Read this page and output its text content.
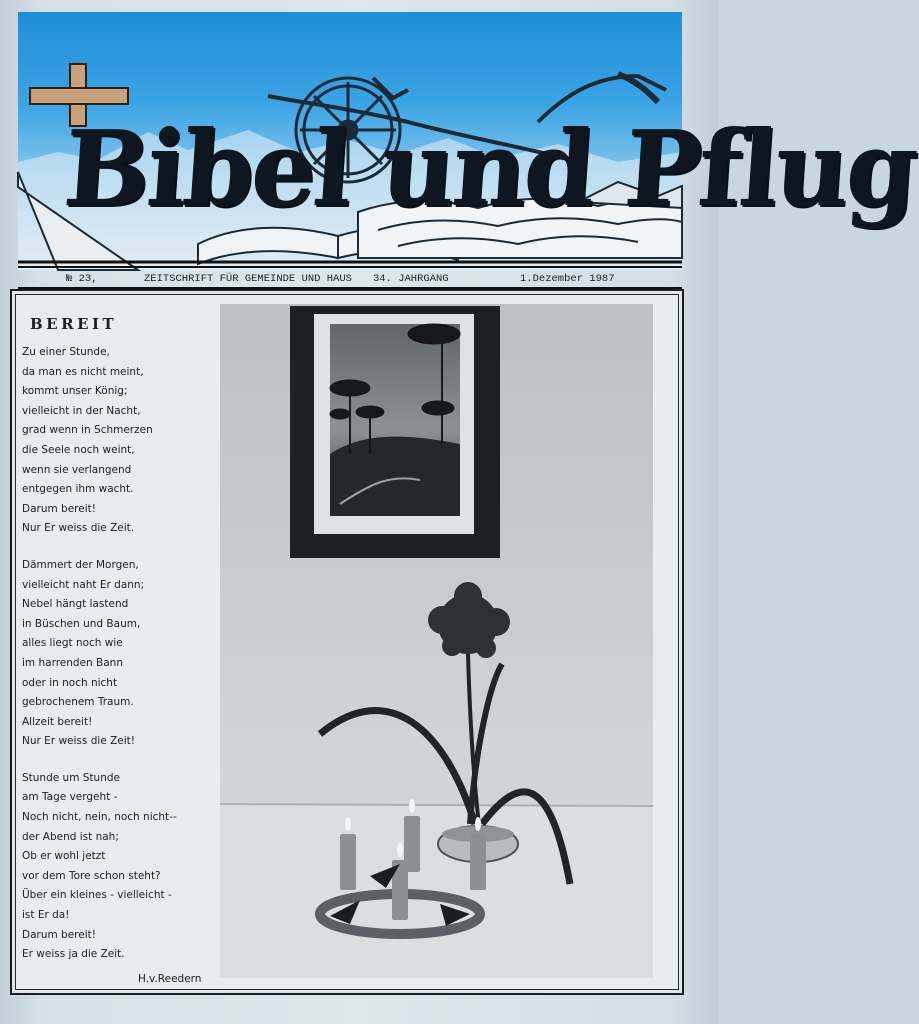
Bibel und Pflug
№ 23,	ZEITSCHRIFT FÜR GEMEINDE UND HAUS 34. JAHRGANG	1.Dezember 1987
BEREIT
Zu einer Stunde,
da man es nicht meint,
kommt unser König;
vielleicht in der Nacht,
grad wenn in Schmerzen
die Seele noch weint,
wenn sie verlangend
entgegen ihm wacht.
Darum bereit!
Nur Er weiss die Zeit.
Dämmert der Morgen,
vielleicht naht Er dann;
Nebel hängt lastend
in Büschen und Baum,
alles liegt noch wie
im harrenden Bann
oder in noch nicht
gebrochenem Traum.
Allzeit bereit!
Nur Er weiss die Zeit!
Stunde um Stunde
am Tage vergeht -
Noch nicht, nein, noch nicht--
der Abend ist nah;
Ob er wohl jetzt
vor dem Tore schon steht?
Über ein kleines - vielleicht -
ist Er da!
Darum bereit!
Er weiss ja die Zeit.
H.v.Reedern
